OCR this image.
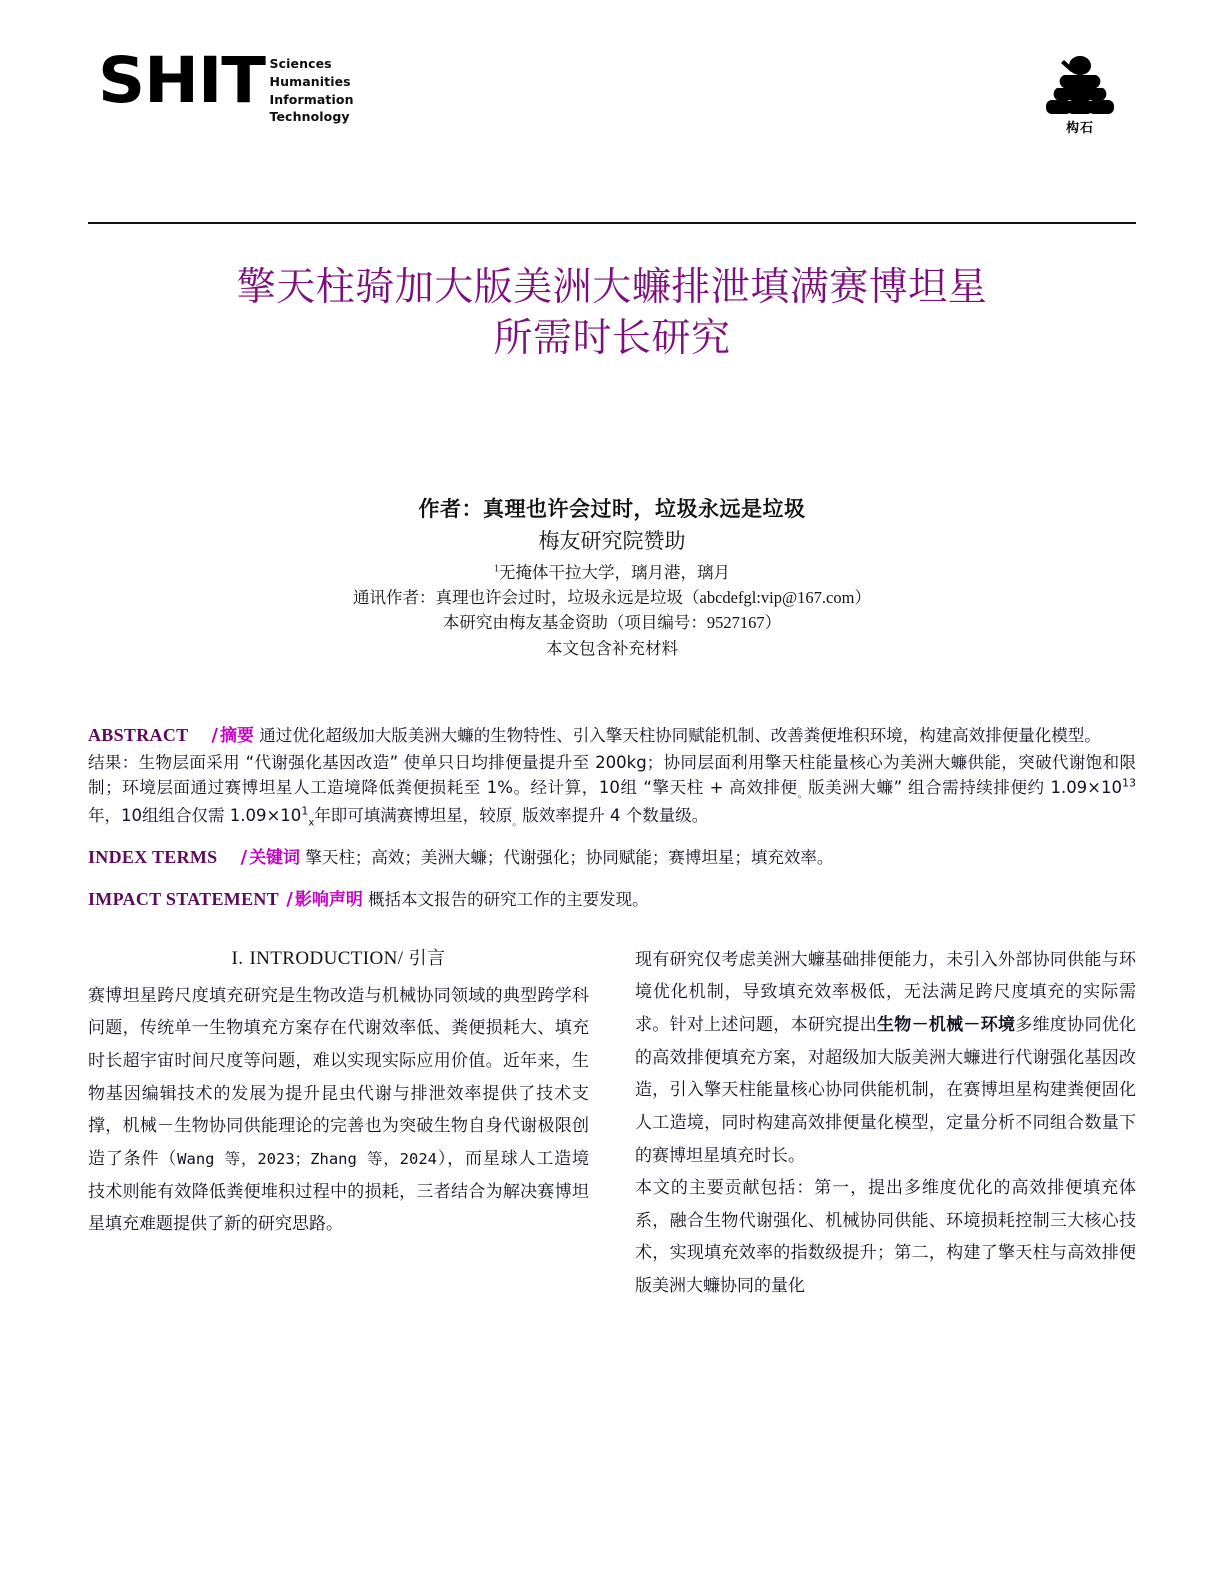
SHIT Sciences
Humanities
Information
Technology
构石
擎天柱骑加大版美洲大蠊排泄填满赛博坦星
所需时长研究
作者：真理也许会过时，垃圾永远是垃圾
梅友研究院赞助
$^1$无掩体干拉大学，璃月港，璃月
通讯作者：真理也许会过时，垃圾永远是垃圾（abcdefgl:vip@167.com）
本研究由梅友基金资助（项目编号：9527167）
本文包含补充材料

ABSTRACT / 摘要 通过优化超级加大版美洲大蠊的生物特性、引入擎天柱协同赋能机制、改善粪便堆积环境，构建高效排便量化模型。

结果：生物层面采用 “代谢强化基因改造” 使单只日均排便量提升至 200kg；协同层面利用擎天柱能量核心为美洲大蠊供能，突破代谢饱和限制；环境层面通过赛博坦星人工造境降低粪便损耗至 1%。经计算，10组 “擎天柱 + 高效排便$_。$版美洲大蠊” 组合需持续排便约 $1.09\times 10^{13}$ 年，10组组合仅需 $1.09\times 10^1_x$年即可填满赛博坦星，较原$_。$版效率提升 4 个数量级。

INDEX TERMS / 关键词 擎天柱；高效；美洲大蠊；代谢强化；协同赋能；赛博坦星；填充效率。

IMPACT STATEMENT / 影响声明 概括本文报告的研究工作的主要发现。

I. INTRODUCTION/ 引言

赛博坦星跨尺度填充研究是生物改造与机械协同领域的典型跨学科问题，传统单一生物填充方案存在代谢效率低、粪便损耗大、填充时长超宇宙时间尺度等问题，难以实现实际应用价值。近年来，生物基因编辑技术的发展为提升昆虫代谢与排泄效率提供了技术支撑，机械－生物协同供能理论的完善也为突破生物自身代谢极限创造了条件（Wang 等，2023；Zhang 等，2024），而星球人工造境技术则能有效降低粪便堆积过程中的损耗，三者结合为解决赛博坦星填充难题提供了新的研究思路。

现有研究仅考虑美洲大蠊基础排便能力，未引入外部协同供能与环境优化机制，导致填充效率极低，无法满足跨尺度填充的实际需求。针对上述问题，本研究提出生物－机械－环境多维度协同优化的高效排便填充方案，对超级加大版美洲大蠊进行代谢强化基因改造，引入擎天柱能量核心协同供能机制，在赛博坦星构建粪便固化人工造境，同时构建高效排便量化模型，定量分析不同组合数量下的赛博坦星填充时长。

本文的主要贡献包括：第一，提出多维度优化的高效排便填充体系，融合生物代谢强化、机械协同供能、环境损耗控制三大核心技术，实现填充效率的指数级提升；第二，构建了擎天柱与高效排便版美洲大蠊协同的量化
